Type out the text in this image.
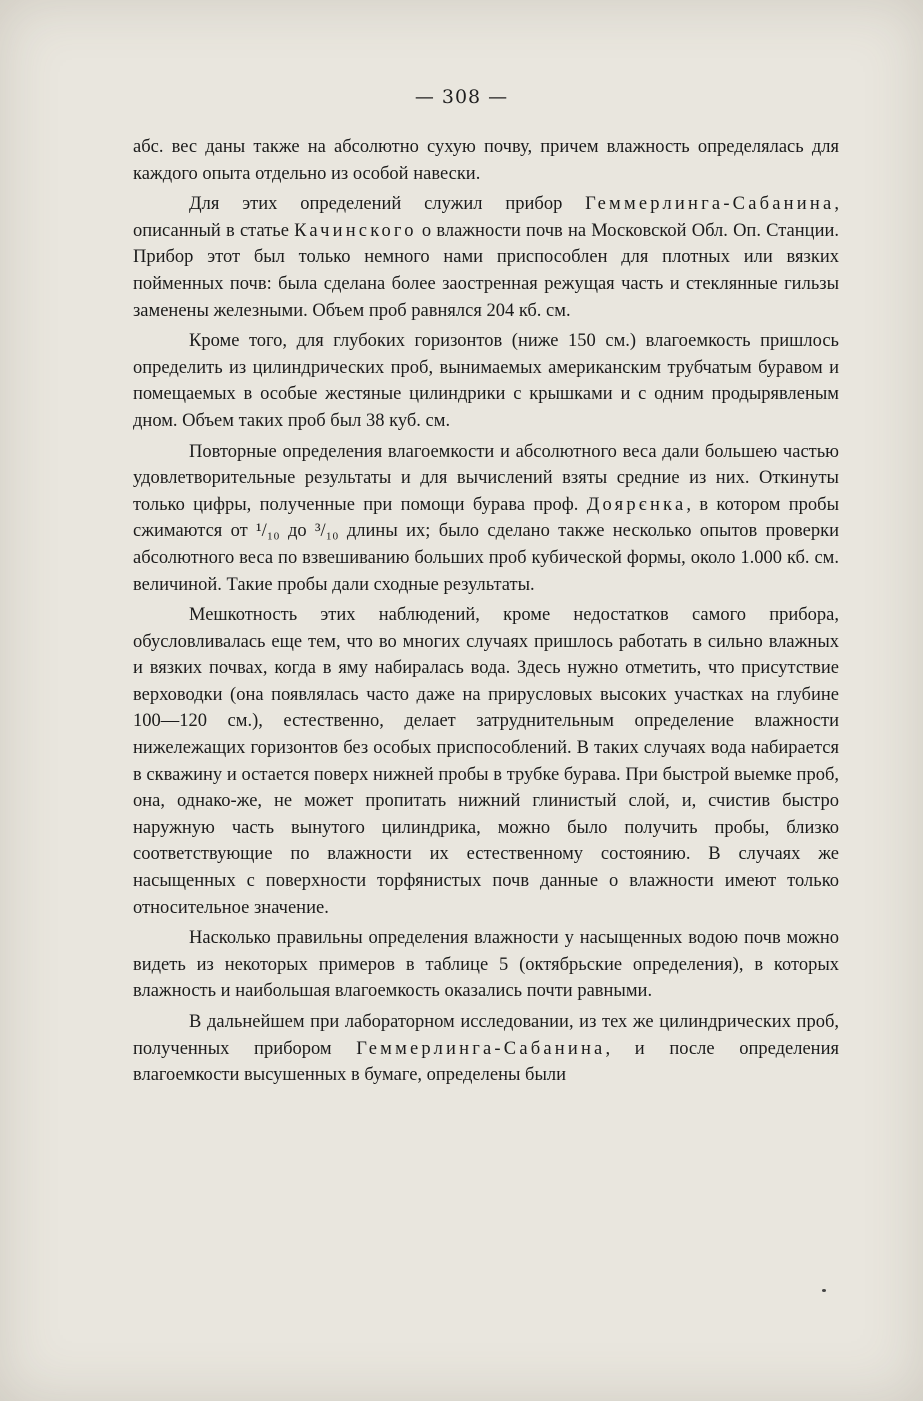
— 308 —

абс. вес даны также на абсолютно сухую почву, причем влажность определялась для каждого опыта отдельно из особой навески.

Для этих определений служил прибор Геммерлинга-Сабанина, описанный в статье Качинского о влажности почв на Московской Обл. Оп. Станции. Прибор этот был только немного нами приспособлен для плотных или вязких пойменных почв: была сделана более заостренная режущая часть и стеклянные гильзы заменены железными. Объем проб равнялся 204 кб. см.

Кроме того, для глубоких горизонтов (ниже 150 см.) влагоемкость пришлось определить из цилиндрических проб, вынимаемых американским трубчатым буравом и помещаемых в особые жестяные цилиндрики с крышками и с одним продырявленым дном. Объем таких проб был 38 куб. см.

Повторные определения влагоемкости и абсолютного веса дали большею частью удовлетворительные результаты и для вычислений взяты средние из них. Откинуты только цифры, полученные при помощи бурава проф. Доярєнка, в котором пробы сжимаются от ¹/₁₀ до ³/₁₀ длины их; было сделано также несколько опытов проверки абсолютного веса по взвешиванию больших проб кубической формы, около 1.000 кб. см. величиной. Такие пробы дали сходные результаты.

Мешкотность этих наблюдений, кроме недостатков самого прибора, обусловливалась еще тем, что во многих случаях пришлось работать в сильно влажных и вязких почвах, когда в яму набиралась вода. Здесь нужно отметить, что присутствие верховодки (она появлялась часто даже на прирусловых высоких участках на глубине 100—120 см.), естественно, делает затруднительным определение влажности нижележащих горизонтов без особых приспособлений. В таких случаях вода набирается в скважину и остается поверх нижней пробы в трубке бурава. При быстрой выемке проб, она, однако-же, не может пропитать нижний глинистый слой, и, счистив быстро наружную часть вынутого цилиндрика, можно было получить пробы, близко соответствующие по влажности их естественному состоянию. В случаях же насыщенных с поверхности торфянистых почв данные о влажности имеют только относительное значение.

Насколько правильны определения влажности у насыщенных водою почв можно видеть из некоторых примеров в таблице 5 (октябрьские определения), в которых влажность и наибольшая влагоемкость оказались почти равными.

В дальнейшем при лабораторном исследовании, из тех же цилиндрических проб, полученных прибором Геммерлинга-Сабанина, и после определения влагоемкости высушенных в бумаге, определены были
